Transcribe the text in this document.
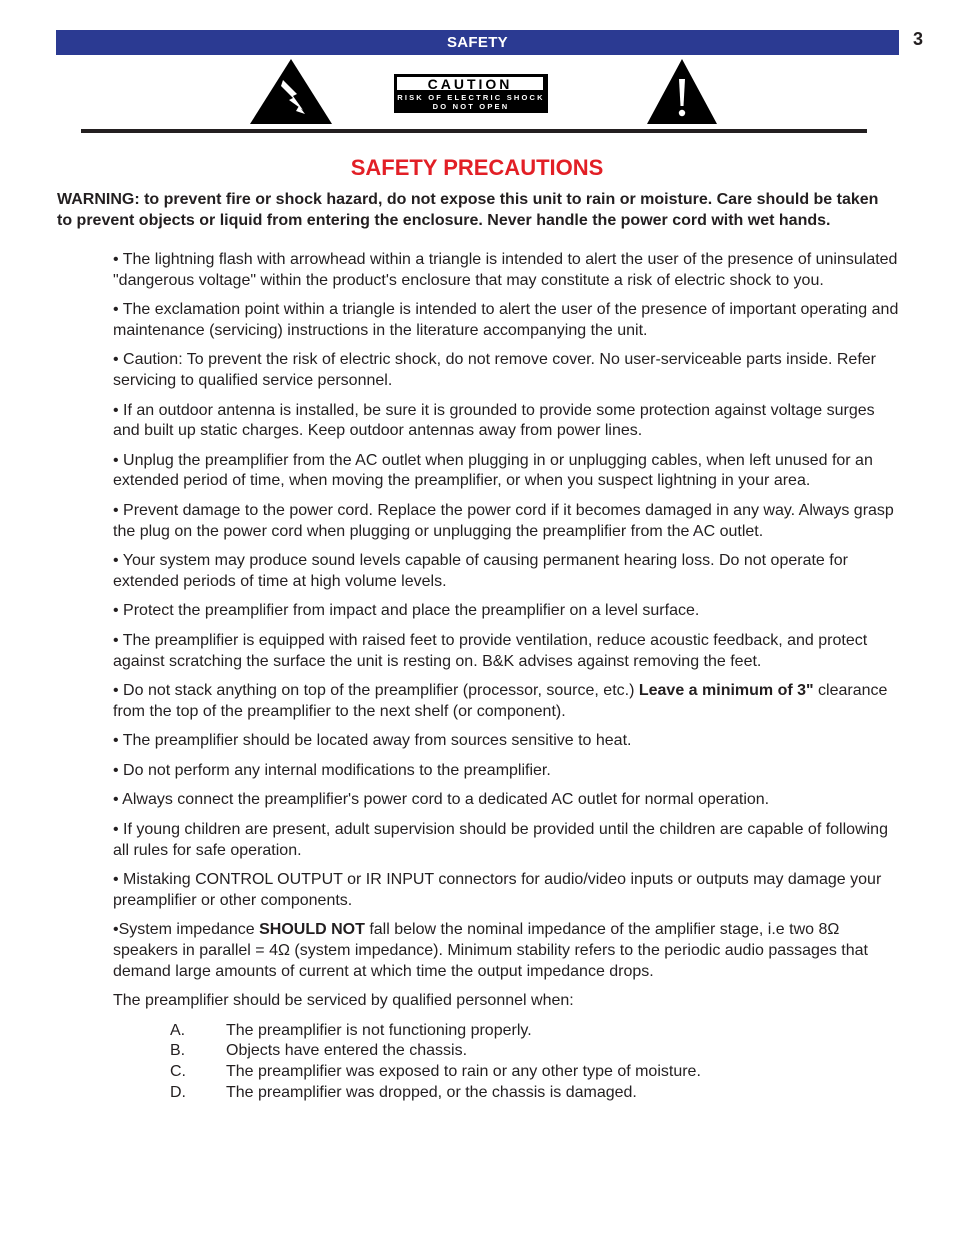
SAFETY	3
CAUTION
RISK OF ELECTRIC SHOCK
DO NOT OPEN
SAFETY PRECAUTIONS
WARNING: to prevent fire or shock hazard, do not expose this unit to rain or moisture. Care should be taken to prevent objects or liquid from entering the enclosure. Never handle the power cord with wet hands.

• The lightning flash with arrowhead within a triangle is intended to alert the user of the presence of uninsulated "dangerous voltage" within the product's enclosure that may constitute a risk of electric shock to you.

• The exclamation point within a triangle is intended to alert the user of the presence of important operating and maintenance (servicing) instructions in the literature accompanying the unit.

• Caution: To prevent the risk of electric shock, do not remove cover. No user-serviceable parts inside. Refer servicing to qualified service personnel.

• If an outdoor antenna is installed, be sure it is grounded to provide some protection against voltage surges and built up static charges. Keep outdoor antennas away from power lines.

• Unplug the preamplifier from the AC outlet when plugging in or unplugging cables, when left unused for an extended period of time, when moving the preamplifier, or when you suspect lightning in your area.

• Prevent damage to the power cord. Replace the power cord if it becomes damaged in any way. Always grasp the plug on the power cord when plugging or unplugging the preamplifier from the AC outlet.

• Your system may produce sound levels capable of causing permanent hearing loss. Do not operate for extended periods of time at high volume levels.

• Protect the preamplifier from impact and place the preamplifier on a level surface.

• The preamplifier is equipped with raised feet to provide ventilation, reduce acoustic feedback, and protect against scratching the surface the unit is resting on. B&K advises against removing the feet.

• Do not stack anything on top of the preamplifier (processor, source, etc.) Leave a minimum of 3" clearance from the top of the preamplifier to the next shelf (or component).

• The preamplifier should be located away from sources sensitive to heat.

• Do not perform any internal modifications to the preamplifier.

• Always connect the preamplifier's power cord to a dedicated AC outlet for normal operation.

• If young children are present, adult supervision should be provided until the children are capable of following all rules for safe operation.

• Mistaking CONTROL OUTPUT or IR INPUT connectors for audio/video inputs or outputs may damage your preamplifier or other components.

•System impedance SHOULD NOT fall below the nominal impedance of the amplifier stage, i.e two 8Ω speakers in parallel = 4Ω (system impedance). Minimum stability refers to the periodic audio passages that demand large amounts of current at which time the output impedance drops.

The preamplifier should be serviced by qualified personnel when:

A.	The preamplifier is not functioning properly.
B.	Objects have entered the chassis.
C.	The preamplifier was exposed to rain or any other type of moisture.
D.	The preamplifier was dropped, or the chassis is damaged.
